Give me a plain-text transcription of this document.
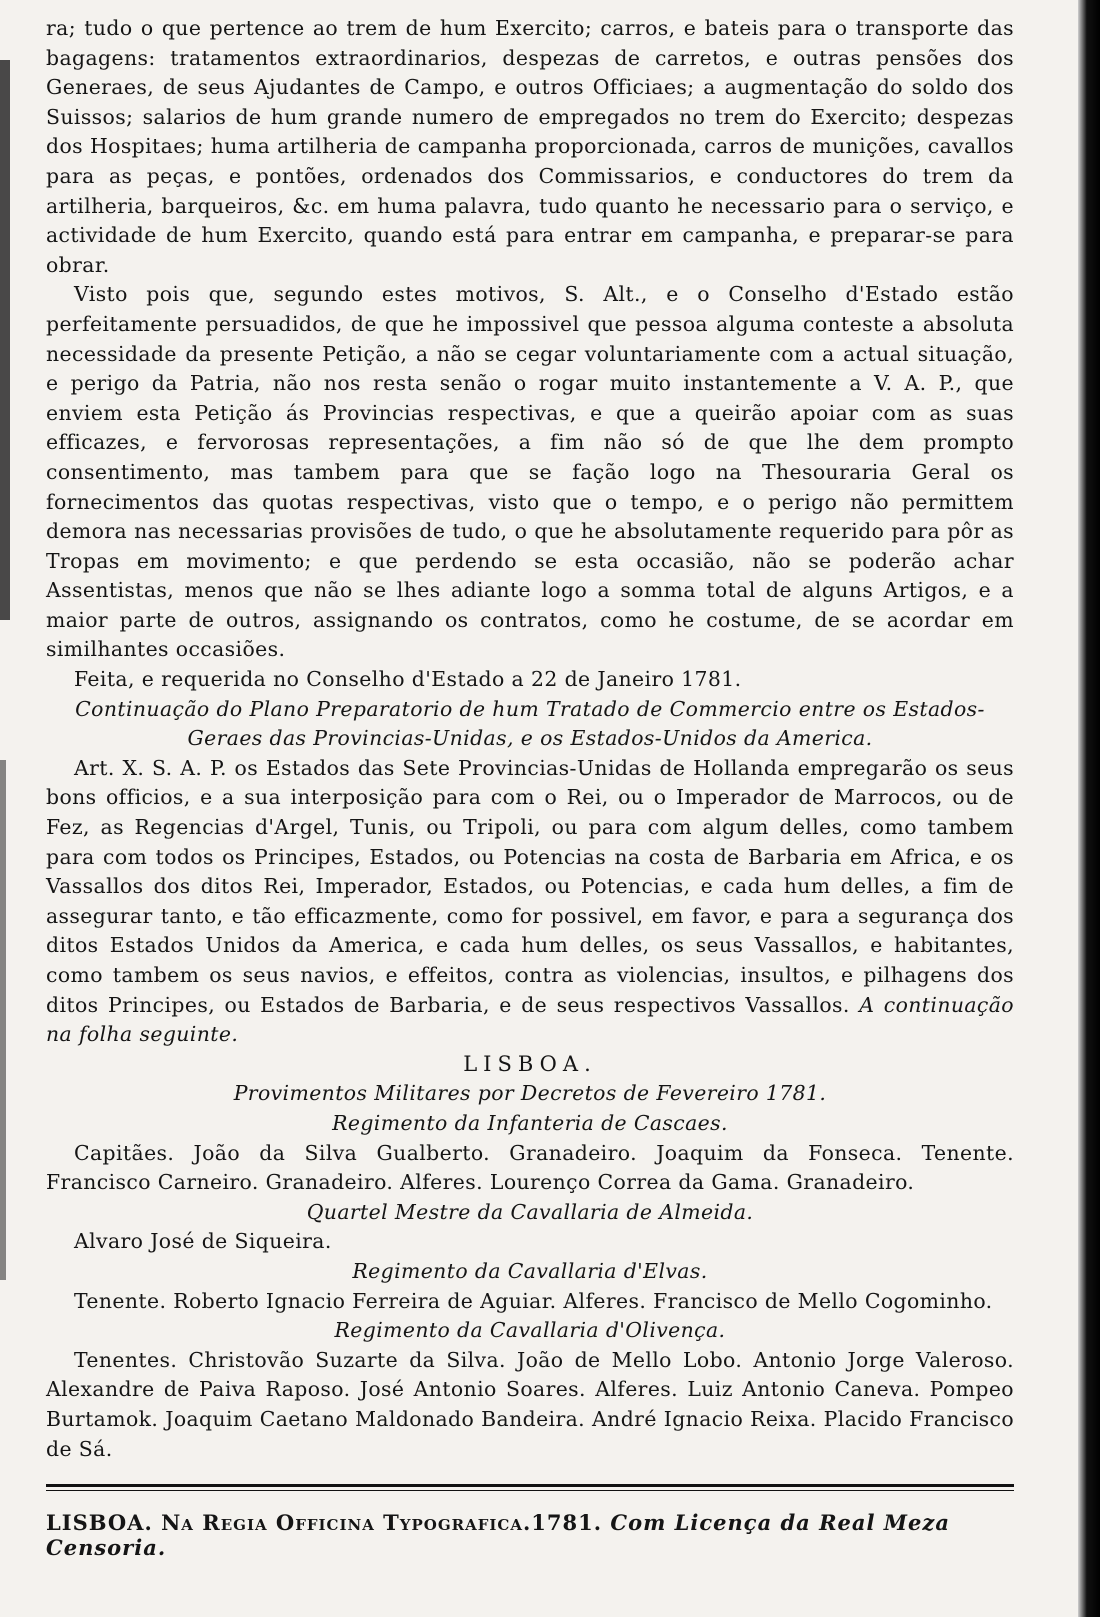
ra; tudo o que pertence ao trem de hum Exercito; carros, e bateis para o transporte das bagagens: tratamentos extraordinarios, despezas de carretos, e outras pensões dos Generaes, de seus Ajudantes de Campo, e outros Officiaes; a augmentação do soldo dos Suissos; salarios de hum grande numero de empregados no trem do Exercito; despezas dos Hospitaes; huma artilheria de campanha proporcionada, carros de munições, cavallos para as peças, e pontões, ordenados dos Commissarios, e conductores do trem da artilheria, barqueiros, &c. em huma palavra, tudo quanto he necessario para o serviço, e actividade de hum Exercito, quando está para entrar em campanha, e preparar-se para obrar.

Visto pois que, segundo estes motivos, S. Alt., e o Conselho d'Estado estão perfeitamente persuadidos, de que he impossivel que pessoa alguma conteste a absoluta necessidade da presente Petição, a não se cegar voluntariamente com a actual situação, e perigo da Patria, não nos resta senão o rogar muito instantemente a V. A. P., que enviem esta Petição ás Provincias respectivas, e que a queirão apoiar com as suas efficazes, e fervorosas representações, a fim não só de que lhe dem prompto consentimento, mas tambem para que se fação logo na Thesouraria Geral os fornecimentos das quotas respectivas, visto que o tempo, e o perigo não permittem demora nas necessarias provisões de tudo, o que he absolutamente requerido para pôr as Tropas em movimento; e que perdendo se esta occasião, não se poderão achar Assentistas, menos que não se lhes adiante logo a somma total de alguns Artigos, e a maior parte de outros, assignando os contratos, como he costume, de se acordar em similhantes occasiões.

Feita, e requerida no Conselho d'Estado a 22 de Janeiro 1781.

Continuação do Plano Preparatorio de hum Tratado de Commercio entre os Estados-Geraes das Provincias-Unidas, e os Estados-Unidos da America.

Art. X. S. A. P. os Estados das Sete Provincias-Unidas de Hollanda empregarão os seus bons officios, e a sua interposição para com o Rei, ou o Imperador de Marrocos, ou de Fez, as Regencias d'Argel, Tunis, ou Tripoli, ou para com algum delles, como tambem para com todos os Principes, Estados, ou Potencias na costa de Barbaria em Africa, e os Vassallos dos ditos Rei, Imperador, Estados, ou Potencias, e cada hum delles, a fim de assegurar tanto, e tão efficazmente, como for possivel, em favor, e para a segurança dos ditos Estados Unidos da America, e cada hum delles, os seus Vassallos, e habitantes, como tambem os seus navios, e effeitos, contra as violencias, insultos, e pilhagens dos ditos Principes, ou Estados de Barbaria, e de seus respectivos Vassallos. A continuação na folha seguinte.

LISBOA.

Provimentos Militares por Decretos de Fevereiro 1781.

Regimento da Infanteria de Cascaes.

Capitães. João da Silva Gualberto. Granadeiro. Joaquim da Fonseca. Tenente. Francisco Carneiro. Granadeiro. Alferes. Lourenço Correa da Gama. Granadeiro.

Quartel Mestre da Cavallaria de Almeida.

Alvaro José de Siqueira.

Regimento da Cavallaria d'Elvas.

Tenente. Roberto Ignacio Ferreira de Aguiar. Alferes. Francisco de Mello Cogominho.

Regimento da Cavallaria d'Olivença.

Tenentes. Christovão Suzarte da Silva. João de Mello Lobo. Antonio Jorge Valeroso. Alexandre de Paiva Raposo. José Antonio Soares. Alferes. Luiz Antonio Caneva. Pompeo Burtamok. Joaquim Caetano Maldonado Bandeira. André Ignacio Reixa. Placido Francisco de Sá.

LISBOA. Na Regia Officina Typografica.1781. Com Licença da Real Meza Censoria.
